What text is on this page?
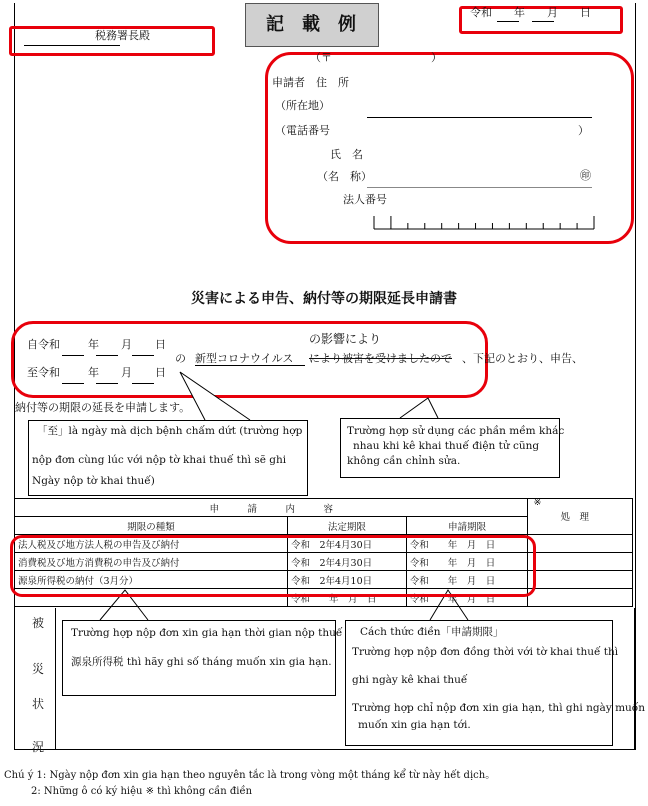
記　載　例
令和　　年　　月　　日
税務署長殿
（〒　　　　　　　　　）
申請者　住　所
（所在地）
（電話番号	）
氏　名
（名　称）	㊞
法人番号
災害による申告、納付等の期限延長申請書
の影響により
自令和	年 月 日
の 新型コロナウイルス により被害を受けましたので 、下記のとおり、申告、
至令和	年 月 日
納付等の期限の延長を申請します。
「至」là ngày mà dịch bệnh chấm dứt (trường hợp
nộp đơn cùng lúc với nộp tờ khai thuế thì sẽ ghi
Ngày nộp tờ khai thuế)
Trường hợp sử dụng các phần mềm khác
nhau khi kê khai thuế điện tử cũng
không cần chỉnh sửa.
申　　　請　　　内　　　容			※
処　理

期限の種類	法定期限	申請期限	
法人税及び地方法人税の申告及び納付	令和　2年4月30日	令和　　年　月　日	
消費税及び地方消費税の申告及び納付	令和　2年4月30日	令和　　年　月　日	
源泉所得税の納付（3月分）	令和　2年4月10日	令和　　年　月　日	
	令和　　年　月　日	令和　　年　月　日	
被
災
状
況
Trường hợp nộp đơn xin gia hạn thời gian nộp thuế
源泉所得税 thì hãy ghi số tháng muốn xin gia hạn.
Cách thức điền「申請期限」
Trường hợp nộp đơn đồng thời với tờ khai thuế thì
ghi ngày kê khai thuế
Trường hợp chỉ nộp đơn xin gia hạn, thì ghi ngày muốn
muốn xin gia hạn tới.
Chú ý 1: Ngày nộp đơn xin gia hạn theo nguyên tắc là trong vòng một tháng kể từ này hết dịch。
2: Những ô có ký hiệu ※ thì không cần điền
